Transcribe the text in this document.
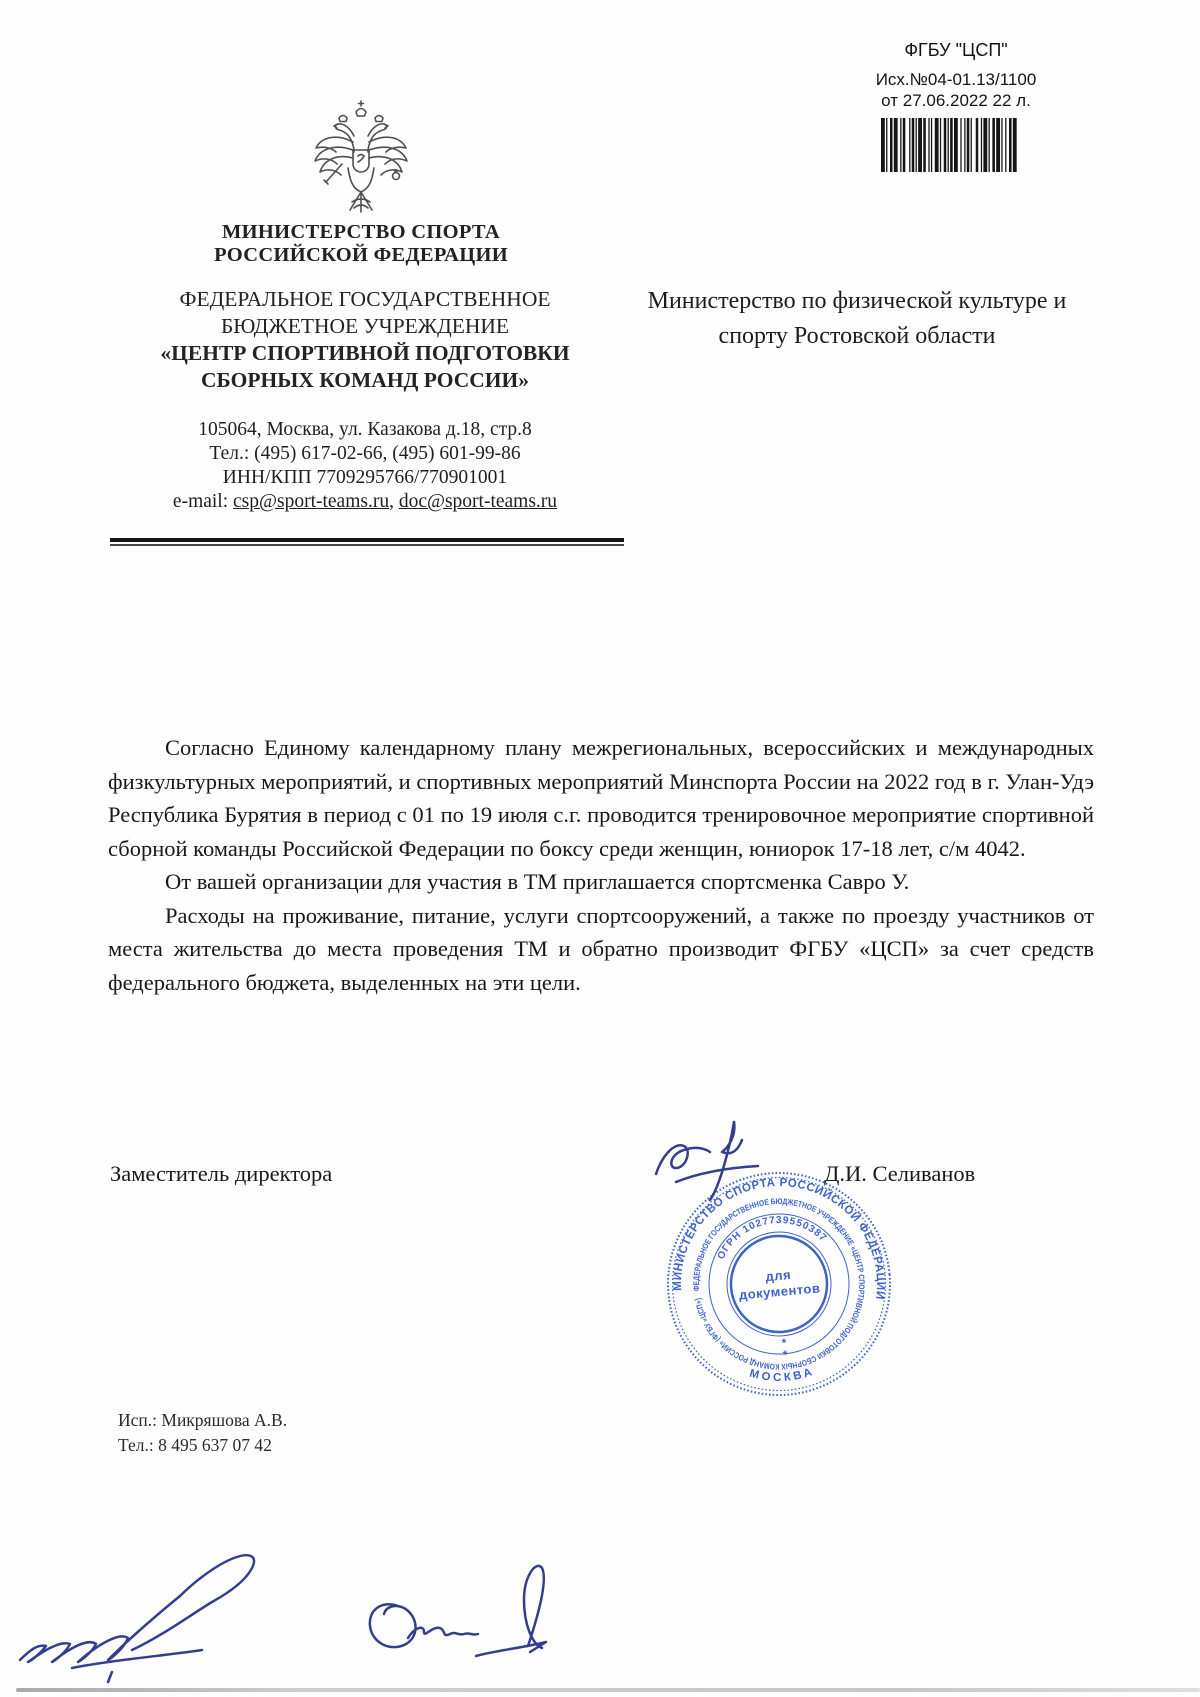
ФГБУ "ЦСП"
Исх.№04-01.13/1100
от 27.06.2022 22 л.
МИНИСТЕРСТВО СПОРТА
РОССИЙСКОЙ ФЕДЕРАЦИИ
ФЕДЕРАЛЬНОЕ ГОСУДАРСТВЕННОЕ
БЮДЖЕТНОЕ УЧРЕЖДЕНИЕ
«ЦЕНТР СПОРТИВНОЙ ПОДГОТОВКИ
СБОРНЫХ КОМАНД РОССИИ»
105064, Москва, ул. Казакова д.18, стр.8
Тел.: (495) 617-02-66, (495) 601-99-86
ИНН/КПП 7709295766/770901001
e-mail: csp@sport-teams.ru, doc@sport-teams.ru
Министерство по физической культуре и
спорту Ростовской области

Согласно Единому календарному плану межрегиональных, всероссийских и международных физкультурных мероприятий, и спортивных мероприятий Минспорта России на 2022 год в г. Улан-Удэ Республика Бурятия в период с 01 по 19 июля с.г. проводится тренировочное мероприятие спортивной сборной команды Российской Федерации по боксу среди женщин, юниорок 17-18 лет, с/м 4042.

От вашей организации для участия в ТМ приглашается спортсменка Савро У.

Расходы на проживание, питание, услуги спортсооружений, а также по проезду участников от места жительства до места проведения ТМ и обратно производит ФГБУ «ЦСП» за счет средств федерального бюджета, выделенных на эти цели.

Заместитель директора	Д.И. Селиванов
МИНИСТЕРСТВО СПОРТА РОССИЙСКОЙ ФЕДЕРАЦИИ
ФЕДЕРАЛЬНОЕ ГОСУДАРСТВЕННОЕ БЮДЖЕТНОЕ УЧРЕЖДЕНИЕ «ЦЕНТР СПОРТИВНОЙ ПОДГОТОВКИ СБОРНЫХ КОМАНД РОССИИ» (ФГБУ «ЦСП»)
ОГРН 1027739550387
МОСКВА
для
документов
*
*
Исп.: Микряшова А.В.
Тел.: 8 495 637 07 42
